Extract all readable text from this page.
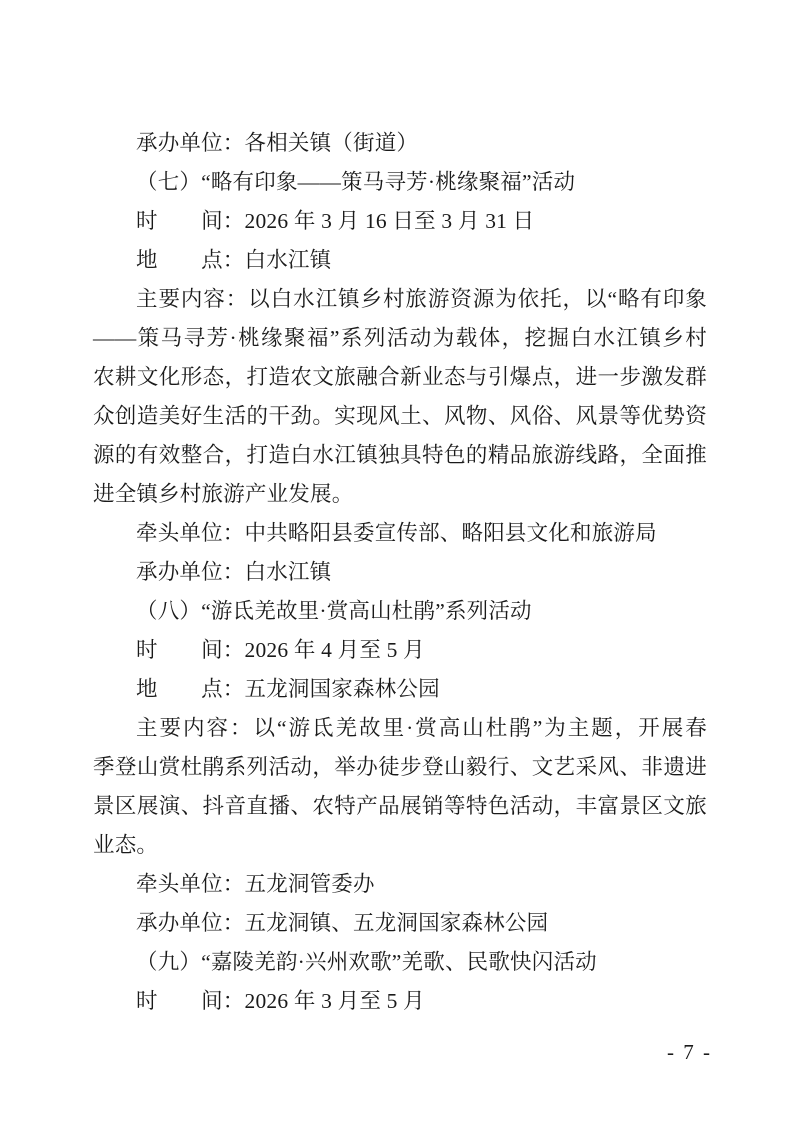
承办单位：各相关镇（街道）
（七）“略有印象——策马寻芳·桃缘聚福”活动
时　　间：2026 年 3 月 16 日至 3 月 31 日
地　　点：白水江镇
主要内容：以白水江镇乡村旅游资源为依托，以“略有印象
——策马寻芳·桃缘聚福”系列活动为载体，挖掘白水江镇乡村
农耕文化形态，打造农文旅融合新业态与引爆点，进一步激发群
众创造美好生活的干劲。实现风土、风物、风俗、风景等优势资
源的有效整合，打造白水江镇独具特色的精品旅游线路，全面推
进全镇乡村旅游产业发展。
牵头单位：中共略阳县委宣传部、略阳县文化和旅游局
承办单位：白水江镇
（八）“游氐羌故里·赏高山杜鹃”系列活动
时　　间：2026 年 4 月至 5 月
地　　点：五龙洞国家森林公园
主要内容：以“游氐羌故里·赏高山杜鹃”为主题，开展春
季登山赏杜鹃系列活动，举办徒步登山毅行、文艺采风、非遗进
景区展演、抖音直播、农特产品展销等特色活动，丰富景区文旅
业态。
牵头单位：五龙洞管委办
承办单位：五龙洞镇、五龙洞国家森林公园
（九）“嘉陵羌韵·兴州欢歌”羌歌、民歌快闪活动
时　　间：2026 年 3 月至 5 月
- 7 -
